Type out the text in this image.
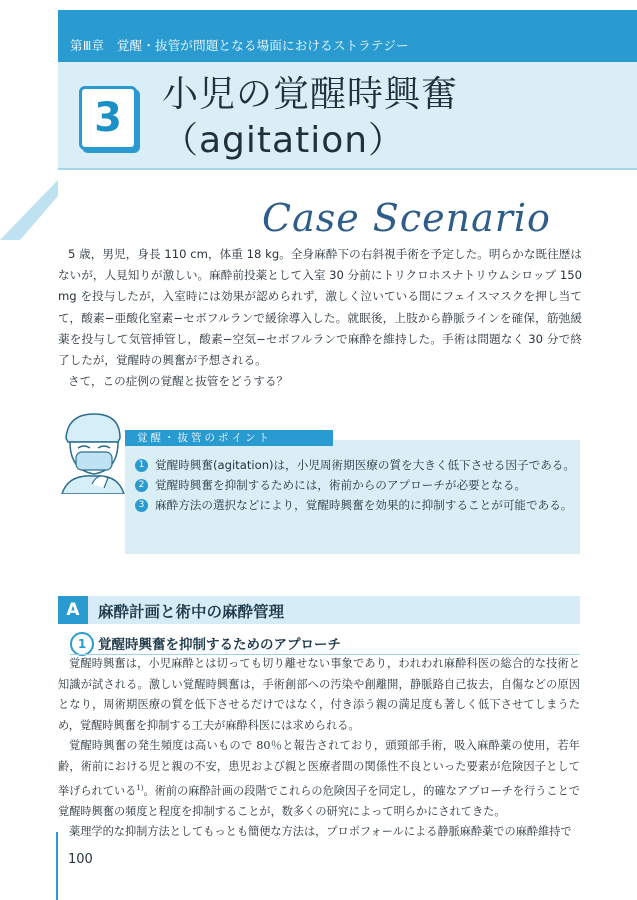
第Ⅲ章　覚醒・抜管が問題となる場面におけるストラテジー
3
小児の覚醒時興奮
（agitation）
Case Scenario

5 歳，男児，身長 110 cm，体重 18 kg。全身麻酔下の右斜視手術を予定した。明らかな既往歴はないが，人見知りが激しい。麻酔前投薬として入室 30 分前にトリクロホスナトリウムシロップ 150 mg を投与したが，入室時には効果が認められず，激しく泣いている間にフェイスマスクを押し当てて，酸素−亜酸化窒素−セボフルランで緩徐導入した。就眠後，上肢から静脈ラインを確保，筋弛緩薬を投与して気管挿管し，酸素−空気−セボフルランで麻酔を維持した。手術は問題なく 30 分で終了したが，覚醒時の興奮が予想される。

さて，この症例の覚醒と抜管をどうする？

覚醒・抜管のポイント
1 覚醒時興奮(agitation)は，小児周術期医療の質を大きく低下させる因子である。
2 覚醒時興奮を抑制するためには，術前からのアプローチが必要となる。
3 麻酔方法の選択などにより，覚醒時興奮を効果的に抑制することが可能である。
A	麻酔計画と術中の麻酔管理
1 覚醒時興奮を抑制するためのアプローチ

覚醒時興奮は，小児麻酔とは切っても切り離せない事象であり，われわれ麻酔科医の総合的な技術と知識が試される。激しい覚醒時興奮は，手術創部への汚染や創離開，静脈路自己抜去，自傷などの原因となり，周術期医療の質を低下させるだけではなく，付き添う親の満足度も著しく低下させてしまうため，覚醒時興奮を抑制する工夫が麻酔科医には求められる。

覚醒時興奮の発生頻度は高いもので 80％と報告されており，頭頸部手術，吸入麻酔薬の使用，若年齢，術前における児と親の不安，患児および親と医療者間の関係性不良といった要素が危険因子として挙げられている$^{1)}$。術前の麻酔計画の段階でこれらの危険因子を同定し，的確なアプローチを行うことで覚醒時興奮の頻度と程度を抑制することが，数多くの研究によって明らかにされてきた。

薬理学的な抑制方法としてもっとも簡便な方法は，プロポフォールによる静脈麻酔薬での麻酔維持で

100
